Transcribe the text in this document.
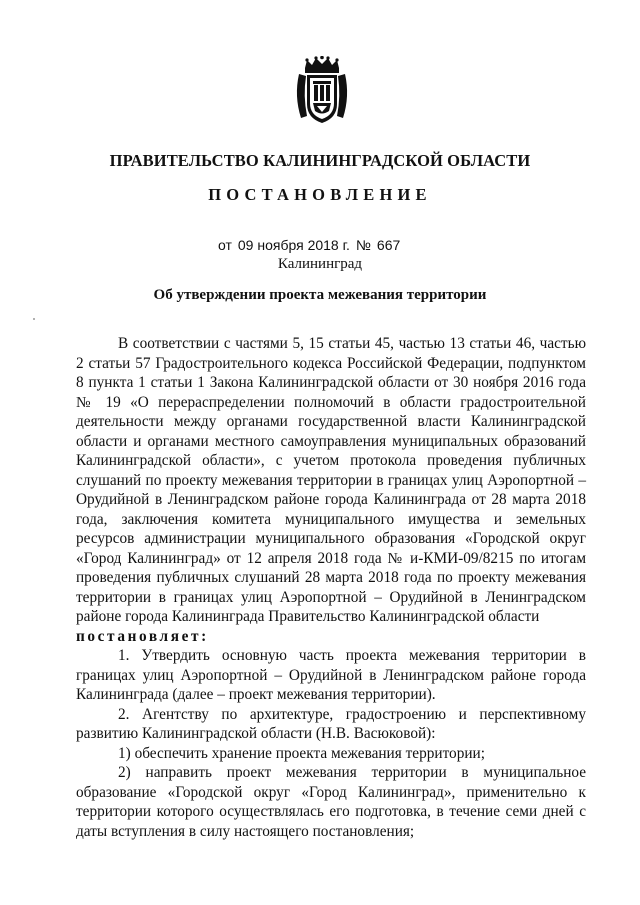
ПРАВИТЕЛЬСТВО КАЛИНИНГРАДСКОЙ ОБЛАСТИ
ПОСТАНОВЛЕНИЕ
от 09 ноября 2018 г. № 667
Калининград
Об утверждении проекта межевания территории

В соответствии с частями 5, 15 статьи 45, частью 13 статьи 46, частью 2 статьи 57 Градостроительного кодекса Российской Федерации, подпунктом 8 пункта 1 статьи 1 Закона Калининградской области от 30 ноября 2016 года № 19 «О перераспределении полномочий в области градостроительной деятельности между органами государственной власти Калининградской области и органами местного самоуправления муниципальных образований Калининградской области», с учетом протокола проведения публичных слушаний по проекту межевания территории в границах улиц Аэропортной – Орудийной в Ленинградском районе города Калининграда от 28 марта 2018 года, заключения комитета муниципального имущества и земельных ресурсов администрации муниципального образования «Городской округ «Город Калининград» от 12 апреля 2018 года № и-КМИ-09/8215 по итогам проведения публичных слушаний 28 марта 2018 года по проекту межевания территории в границах улиц Аэропортной – Орудийной в Ленинградском районе города Калининграда Правительство Калининградской области

постановляет:

1. Утвердить основную часть проекта межевания территории в границах улиц Аэропортной – Орудийной в Ленинградском районе города Калининграда (далее – проект межевания территории).

2. Агентству по архитектуре, градостроению и перспективному развитию Калининградской области (Н.В. Васюковой):

1) обеспечить хранение проекта межевания территории;

2) направить проект межевания территории в муниципальное образование «Городской округ «Город Калининград», применительно к территории которого осуществлялась его подготовка, в течение семи дней с даты вступления в силу настоящего постановления;
